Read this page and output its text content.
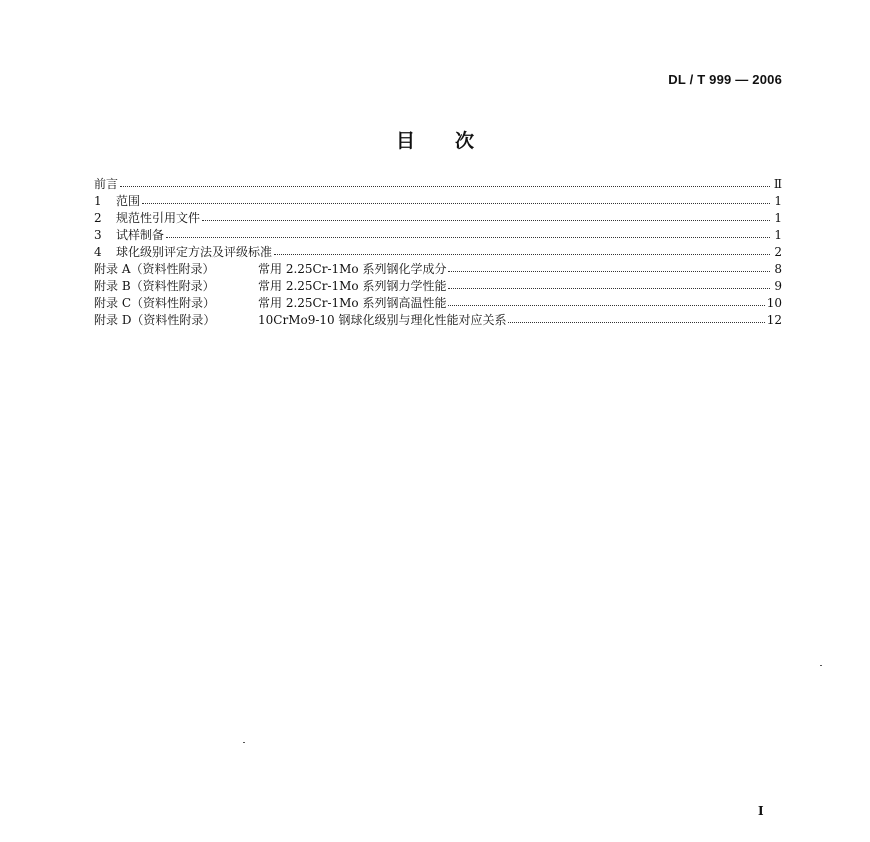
DL / T 999 — 2006
目次
前言	Ⅱ
1	范围	1
2	规范性引用文件	1
3	试样制备	1
4	球化级别评定方法及评级标准	2
附录 A（资料性附录）	常用 2.25Cr-1Mo 系列钢化学成分	8
附录 B（资料性附录）	常用 2.25Cr-1Mo 系列钢力学性能	9
附录 C（资料性附录）	常用 2.25Cr-1Mo 系列钢高温性能	10
附录 D（资料性附录）	10CrMo9-10 钢球化级别与理化性能对应关系	12
I
